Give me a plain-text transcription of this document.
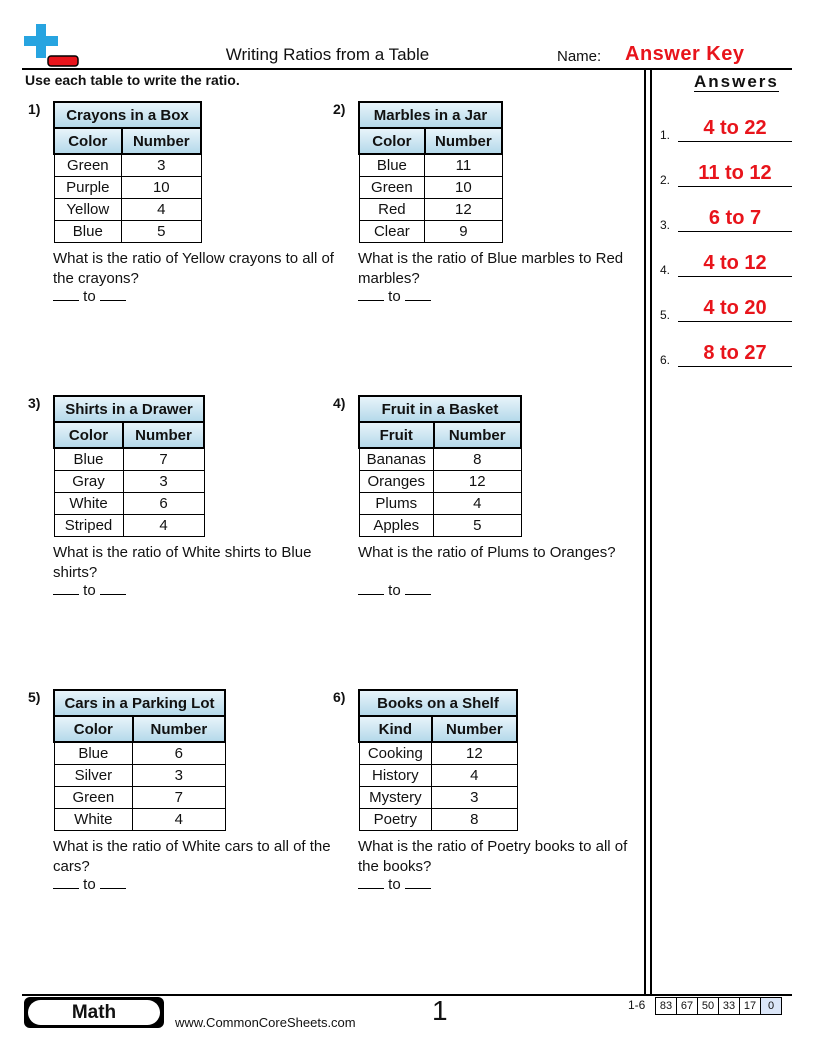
Writing Ratios from a Table	Name: Answer Key
Use each table to write the ratio.	Answers
1.	4 to 22
2.	11 to 12
3.	6 to 7
4.	4 to 12
5.	4 to 20
6.	8 to 27
1) Crayons in a Box	
Color	Number
Green	3
Purple	10
Yellow	4
Blue	5
What is the ratio of Yellow crayons to all of the crayons?
to
2) Marbles in a Jar	
Color	Number
Blue	11
Green	10
Red	12
Clear	9
What is the ratio of Blue marbles to Red marbles?
to
3) Shirts in a Drawer	
Color	Number
Blue	7
Gray	3
White	6
Striped	4
What is the ratio of White shirts to Blue shirts?
to
4) Fruit in a Basket	
Fruit	Number
Bananas	8
Oranges	12
Plums	4
Apples	5
What is the ratio of Plums to Oranges?
to
5) Cars in a Parking Lot	
Color	Number
Blue	6
Silver	3
Green	7
White	4
What is the ratio of White cars to all of the cars?
to
6) Books on a Shelf	
Kind	Number
Cooking	12
History	4
Mystery	3
Poetry	8
What is the ratio of Poetry books to all of the books?
to
Math	www.CommonCoreSheets.com	1	1-6	83 67 50 33 17	0
